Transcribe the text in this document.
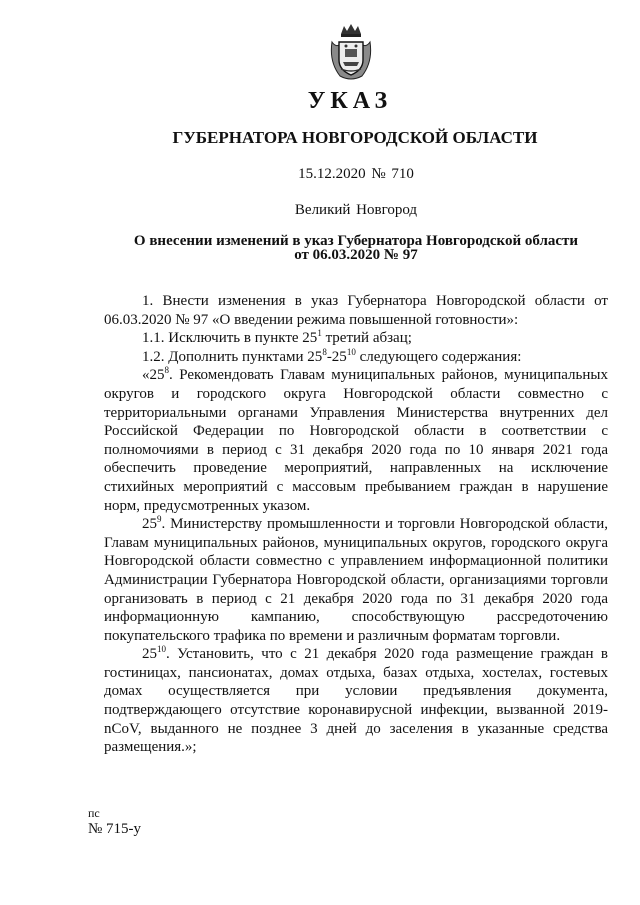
УКАЗ
ГУБЕРНАТОРА НОВГОРОДСКОЙ ОБЛАСТИ
15.12.2020 № 710
Великий Новгород
О внесении изменений в указ Губернатора Новгородской области
от 06.03.2020 № 97

1. Внести изменения в указ Губернатора Новгородской области от 06.03.2020 № 97 «О введении режима повышенной готовности»:

1.1. Исключить в пункте $25^1$ третий абзац;

1.2. Дополнить пунктами $25^8-25^{10}$ следующего содержания:

«$25^8$. Рекомендовать Главам муниципальных районов, муниципальных округов и городского округа Новгородской области совместно с территориальными органами Управления Министерства внутренних дел Российской Федерации по Новгородской области в соответствии с полномочиями в период с 31 декабря 2020 года по 10 января 2021 года обеспечить проведение мероприятий, направленных на исключение стихийных мероприятий с массовым пребыванием граждан в нарушение норм, предусмотренных указом.

$25^9$. Министерству промышленности и торговли Новгородской области, Главам муниципальных районов, муниципальных округов, городского округа Новгородской области совместно с управлением информационной политики Администрации Губернатора Новгородской области, организациями торговли организовать в период с 21 декабря 2020 года по 31 декабря 2020 года информационную кампанию, способствующую рассредоточению покупательского трафика по времени и различным форматам торговли.

$25^{10}$. Установить, что с 21 декабря 2020 года размещение граждан в гостиницах, пансионатах, домах отдыха, базах отдыха, хостелах, гостевых домах осуществляется при условии предъявления документа, подтверждающего отсутствие коронавирусной инфекции, вызванной 2019-nCoV, выданного не позднее 3 дней до заселения в указанные средства размещения.»;

пс
№ 715-у
